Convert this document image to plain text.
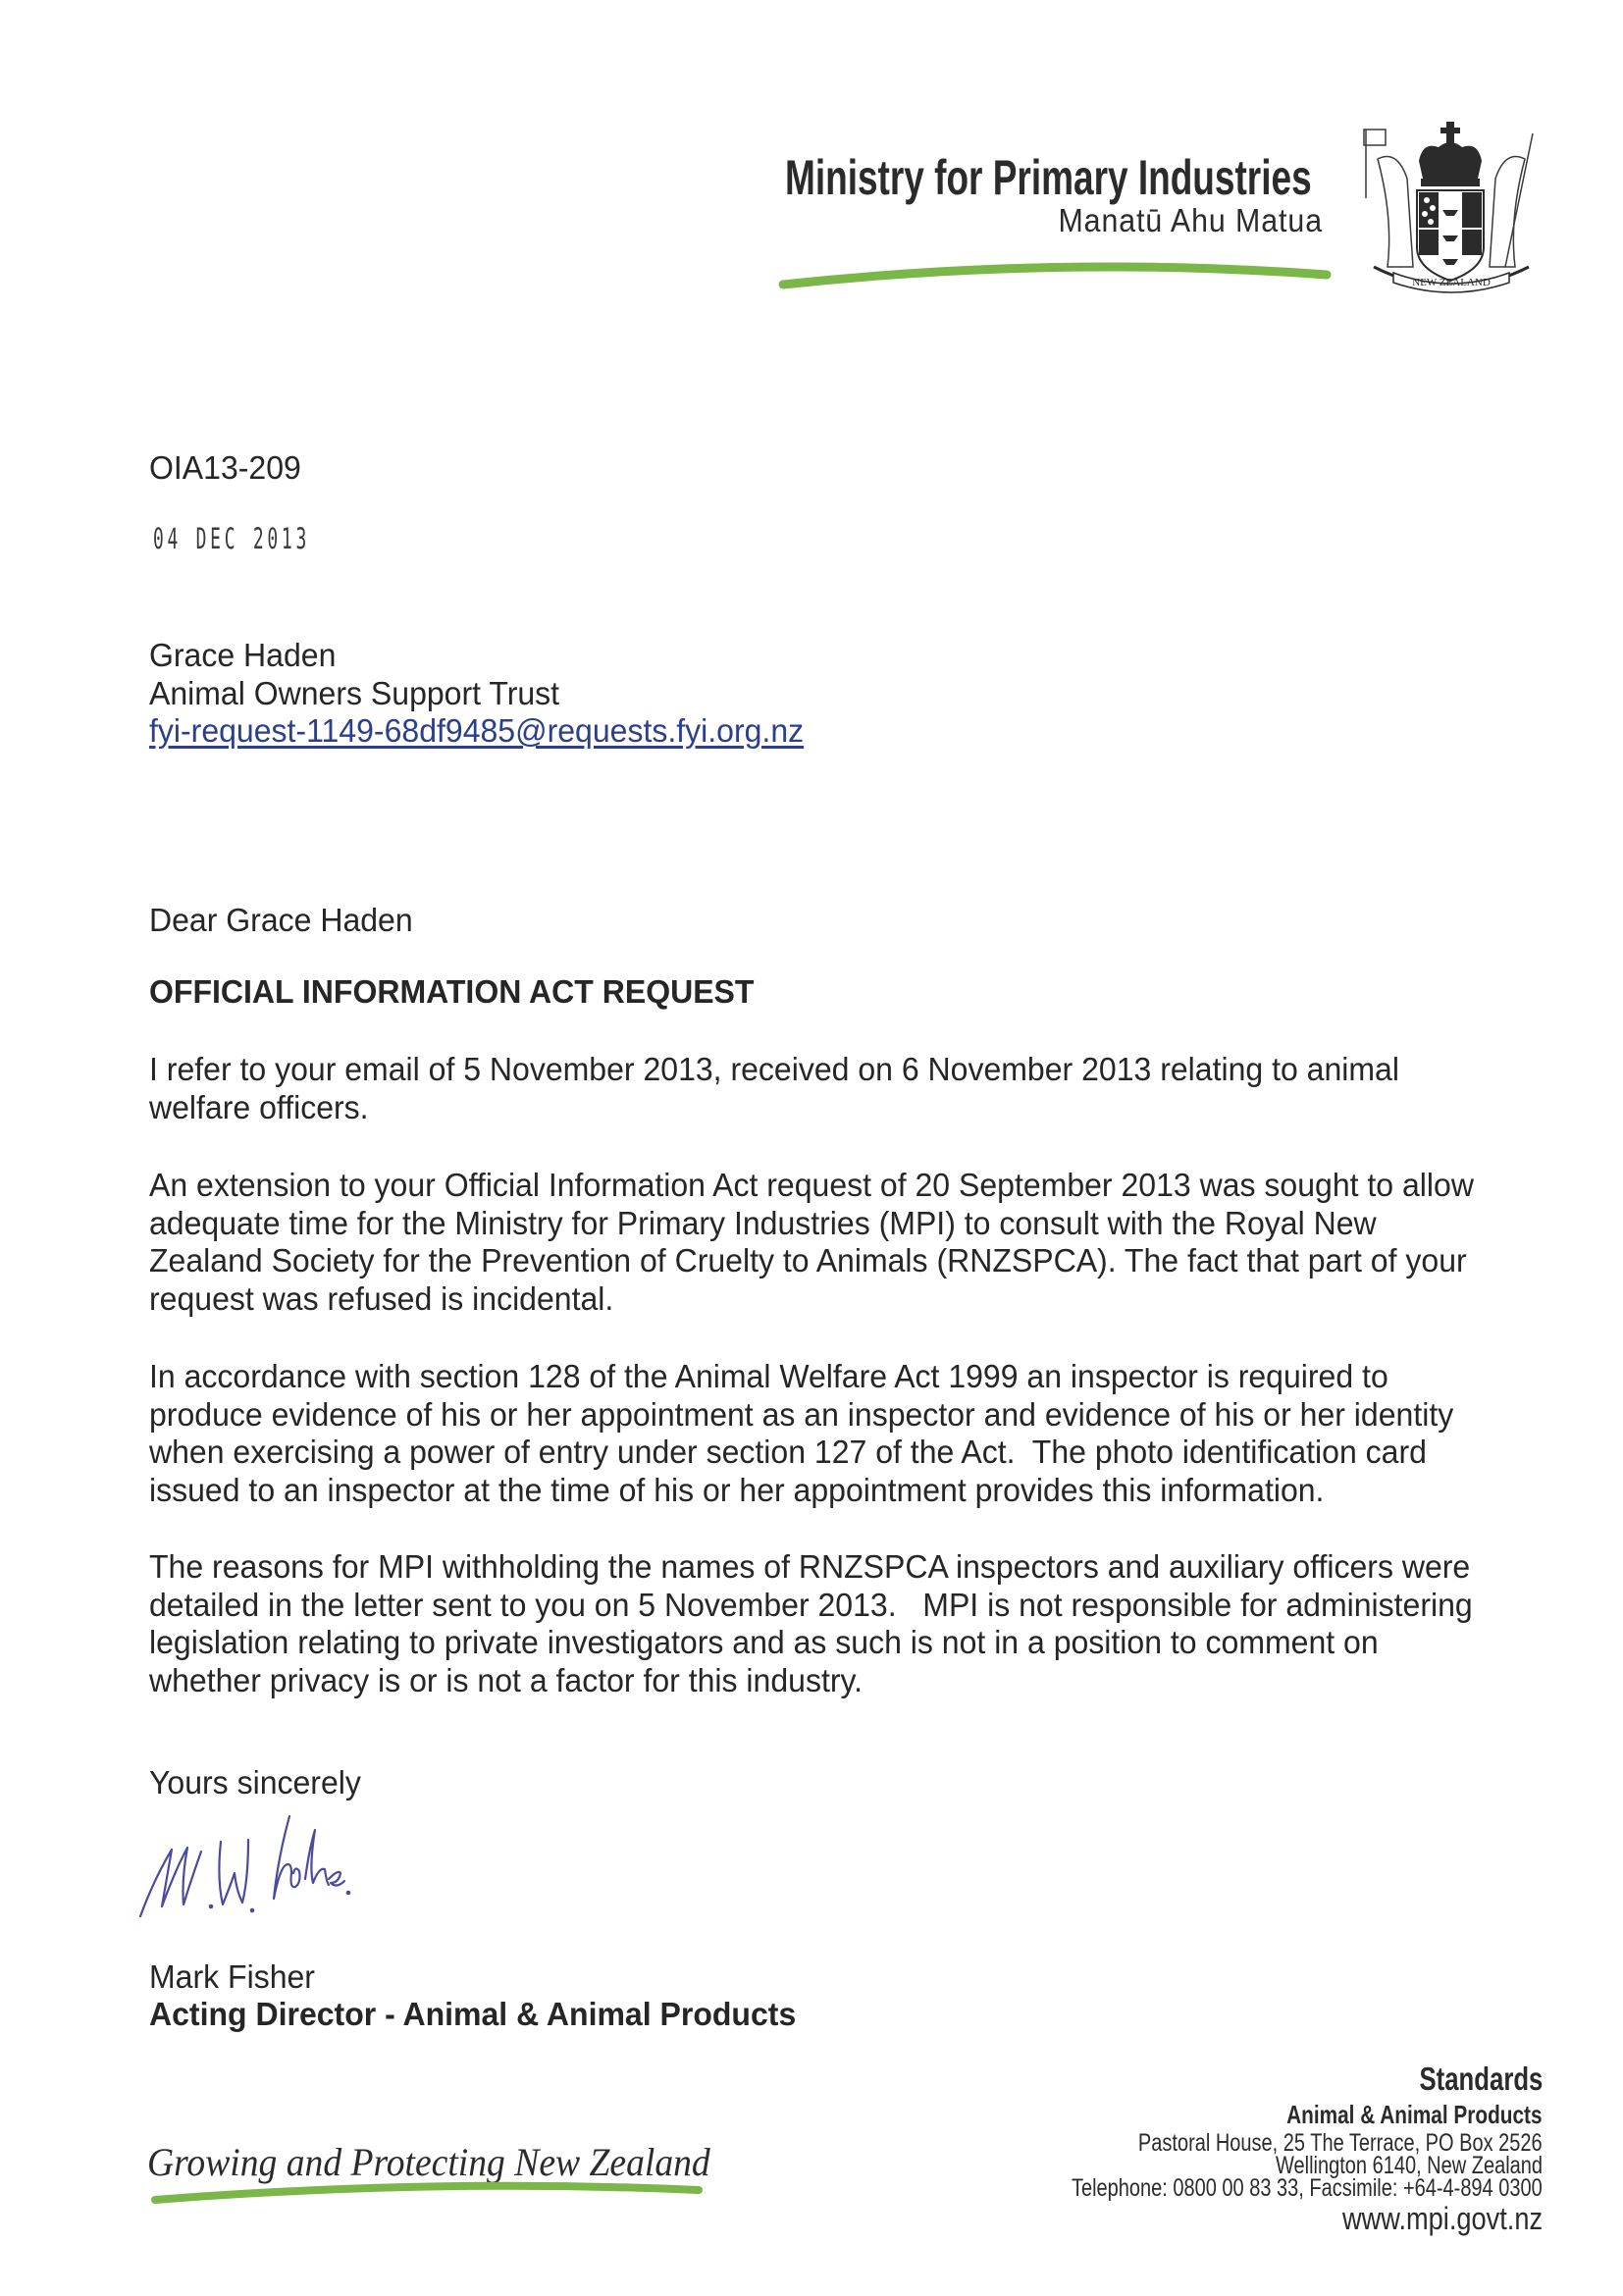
Ministry for Primary Industries
Manatū Ahu Matua
NEW ZEALAND
OIA13-209
04 DEC 2013
Grace Haden
Animal Owners Support Trust
fyi-request-1149-68df9485@requests.fyi.org.nz
Dear Grace Haden
OFFICIAL INFORMATION ACT REQUEST
I refer to your email of 5 November 2013, received on 6 November 2013 relating to animal
welfare officers.
An extension to your Official Information Act request of 20 September 2013 was sought to allow
adequate time for the Ministry for Primary Industries (MPI) to consult with the Royal New
Zealand Society for the Prevention of Cruelty to Animals (RNZSPCA). The fact that part of your
request was refused is incidental.
In accordance with section 128 of the Animal Welfare Act 1999 an inspector is required to
produce evidence of his or her appointment as an inspector and evidence of his or her identity
when exercising a power of entry under section 127 of the Act.  The photo identification card
issued to an inspector at the time of his or her appointment provides this information.
The reasons for MPI withholding the names of RNZSPCA inspectors and auxiliary officers were
detailed in the letter sent to you on 5 November 2013.   MPI is not responsible for administering
legislation relating to private investigators and as such is not in a position to comment on
whether privacy is or is not a factor for this industry.
Yours sincerely
Mark Fisher
Acting Director - Animal & Animal Products
Growing and Protecting New Zealand
Standards
Animal & Animal Products
Pastoral House, 25 The Terrace, PO Box 2526
Wellington 6140, New Zealand
Telephone: 0800 00 83 33, Facsimile: +64-4-894 0300
www.mpi.govt.nz
